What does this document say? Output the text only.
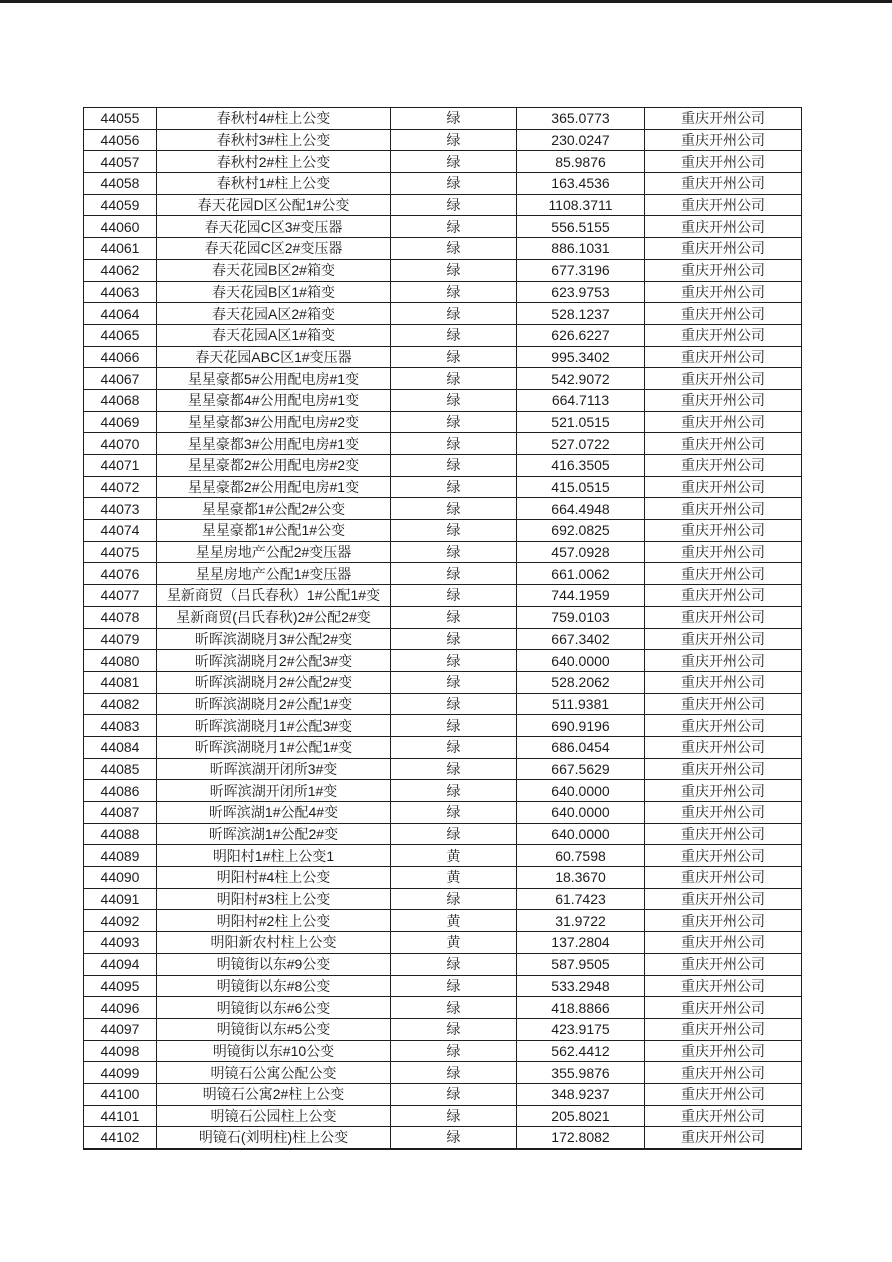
44055	春秋村4#柱上公变	绿	365.0773	重庆开州公司
44056	春秋村3#柱上公变	绿	230.0247	重庆开州公司
44057	春秋村2#柱上公变	绿	85.9876	重庆开州公司
44058	春秋村1#柱上公变	绿	163.4536	重庆开州公司
44059	春天花园D区公配1#公变	绿	1108.3711	重庆开州公司
44060	春天花园C区3#变压器	绿	556.5155	重庆开州公司
44061	春天花园C区2#变压器	绿	886.1031	重庆开州公司
44062	春天花园B区2#箱变	绿	677.3196	重庆开州公司
44063	春天花园B区1#箱变	绿	623.9753	重庆开州公司
44064	春天花园A区2#箱变	绿	528.1237	重庆开州公司
44065	春天花园A区1#箱变	绿	626.6227	重庆开州公司
44066	春天花园ABC区1#变压器	绿	995.3402	重庆开州公司
44067	星星豪都5#公用配电房#1变	绿	542.9072	重庆开州公司
44068	星星豪都4#公用配电房#1变	绿	664.7113	重庆开州公司
44069	星星豪都3#公用配电房#2变	绿	521.0515	重庆开州公司
44070	星星豪都3#公用配电房#1变	绿	527.0722	重庆开州公司
44071	星星豪都2#公用配电房#2变	绿	416.3505	重庆开州公司
44072	星星豪都2#公用配电房#1变	绿	415.0515	重庆开州公司
44073	星星豪都1#公配2#公变	绿	664.4948	重庆开州公司
44074	星星豪都1#公配1#公变	绿	692.0825	重庆开州公司
44075	星星房地产公配2#变压器	绿	457.0928	重庆开州公司
44076	星星房地产公配1#变压器	绿	661.0062	重庆开州公司
44077	星新商贸（吕氏春秋）1#公配1#变	绿	744.1959	重庆开州公司
44078	星新商贸(吕氏春秋)2#公配2#变	绿	759.0103	重庆开州公司
44079	昕晖滨湖晓月3#公配2#变	绿	667.3402	重庆开州公司
44080	昕晖滨湖晓月2#公配3#变	绿	640.0000	重庆开州公司
44081	昕晖滨湖晓月2#公配2#变	绿	528.2062	重庆开州公司
44082	昕晖滨湖晓月2#公配1#变	绿	511.9381	重庆开州公司
44083	昕晖滨湖晓月1#公配3#变	绿	690.9196	重庆开州公司
44084	昕晖滨湖晓月1#公配1#变	绿	686.0454	重庆开州公司
44085	昕晖滨湖开闭所3#变	绿	667.5629	重庆开州公司
44086	昕晖滨湖开闭所1#变	绿	640.0000	重庆开州公司
44087	昕晖滨湖1#公配4#变	绿	640.0000	重庆开州公司
44088	昕晖滨湖1#公配2#变	绿	640.0000	重庆开州公司
44089	明阳村1#柱上公变1	黄	60.7598	重庆开州公司
44090	明阳村#4柱上公变	黄	18.3670	重庆开州公司
44091	明阳村#3柱上公变	绿	61.7423	重庆开州公司
44092	明阳村#2柱上公变	黄	31.9722	重庆开州公司
44093	明阳新农村柱上公变	黄	137.2804	重庆开州公司
44094	明镜街以东#9公变	绿	587.9505	重庆开州公司
44095	明镜街以东#8公变	绿	533.2948	重庆开州公司
44096	明镜街以东#6公变	绿	418.8866	重庆开州公司
44097	明镜街以东#5公变	绿	423.9175	重庆开州公司
44098	明镜街以东#10公变	绿	562.4412	重庆开州公司
44099	明镜石公寓公配公变	绿	355.9876	重庆开州公司
44100	明镜石公寓2#柱上公变	绿	348.9237	重庆开州公司
44101	明镜石公园柱上公变	绿	205.8021	重庆开州公司
44102	明镜石(刘明柱)柱上公变	绿	172.8082	重庆开州公司
